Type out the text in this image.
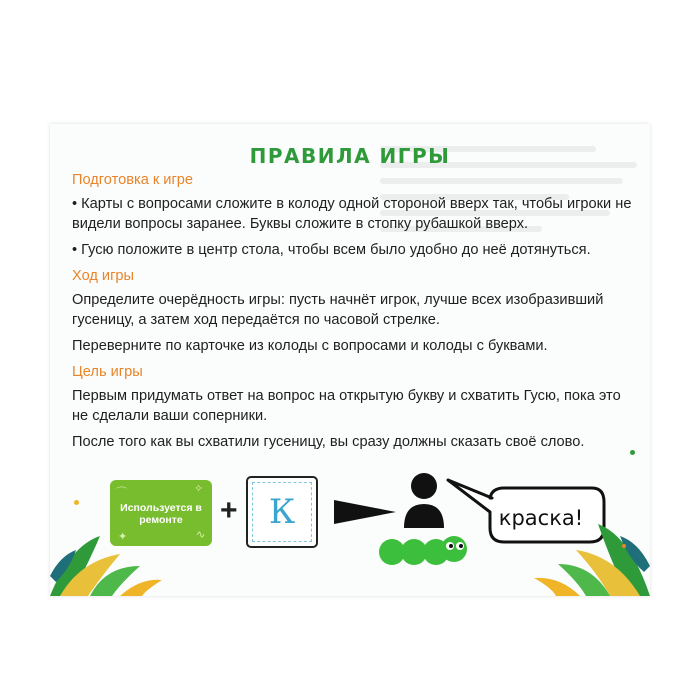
ПРАВИЛА ИГРЫ
Подготовка к игре
• Карты с вопросами сложите в колоду одной стороной вверх так, чтобы игроки не видели вопросы заранее. Буквы сложите в стопку рубашкой вверх.
• Гусю положите в центр стола, чтобы всем было удобно до неё дотянуться.
Ход игры
Определите очерёдность игры: пусть начнёт игрок, лучше всех изобразивший гусеницу, а затем ход передаётся по часовой стрелке.
Переверните по карточке из колоды с вопросами и колоды с буквами.
Цель игры
Первым придумать ответ на вопрос на открытую букву и схватить Гусю, пока это не сделали ваши соперники.
После того как вы схватили гусеницу, вы сразу должны сказать своё слово.
⌒	✧
∿
✦
Используется в ремонте	+ К	краска!
